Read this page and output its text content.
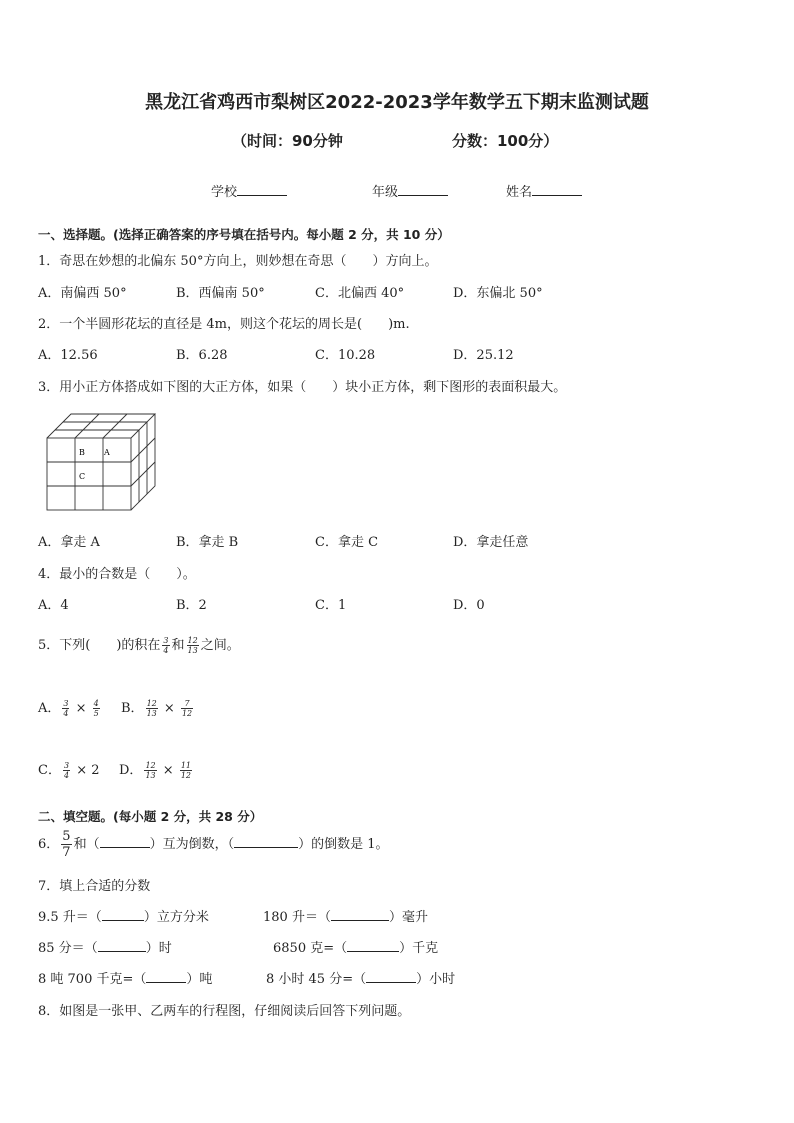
黑龙江省鸡西市梨树区2022-2023学年数学五下期末监测试题
（时间：90分钟	分数：100分）
学校	年级	姓名
一、选择题。(选择正确答案的序号填在括号内。每小题 2 分，共 10 分）
1．奇思在妙想的北偏东 50°方向上，则妙想在奇思（　　）方向上。
A．南偏西 50°	B．西偏南 50°	C．北偏西 40°	D．东偏北 50°
2．一个半圆形花坛的直径是 4m，则这个花坛的周长是(　　)m.
A．12.56	B．6.28	C．10.28	D．25.12
3．用小正方体搭成如下图的大正方体，如果（　　）块小正方体，剩下图形的表面积最大。
B A
C
A．拿走 A	B．拿走 B	C．拿走 C	D．拿走任意
4．最小的合数是（　　）。
A．4	B．2	C．1	D．0
5．下列(　　)的积在 $\frac{3}{4}$ 和 $\frac{12}{13}$ 之间。
A． $\frac{3}{4} \times \frac{4}{5}$ B． $\frac{12}{13} \times \frac{7}{12}$
C． $\frac{3}{4} \times 2$ D． $\frac{12}{13} \times \frac{11}{12}$
二、填空题。(每小题 2 分，共 28 分）
6． $\frac{5}{7}$ 和（	）互为倒数，（	）的倒数是 1。
7．填上合适的分数
9.5 升＝（	）立方分米	180 升＝（	）毫升
85 分＝（	）时	6850 克=（	）千克
8 吨 700 千克=（	）吨	8 小时 45 分=（	）小时
8．如图是一张甲、乙两车的行程图，仔细阅读后回答下列问题。
